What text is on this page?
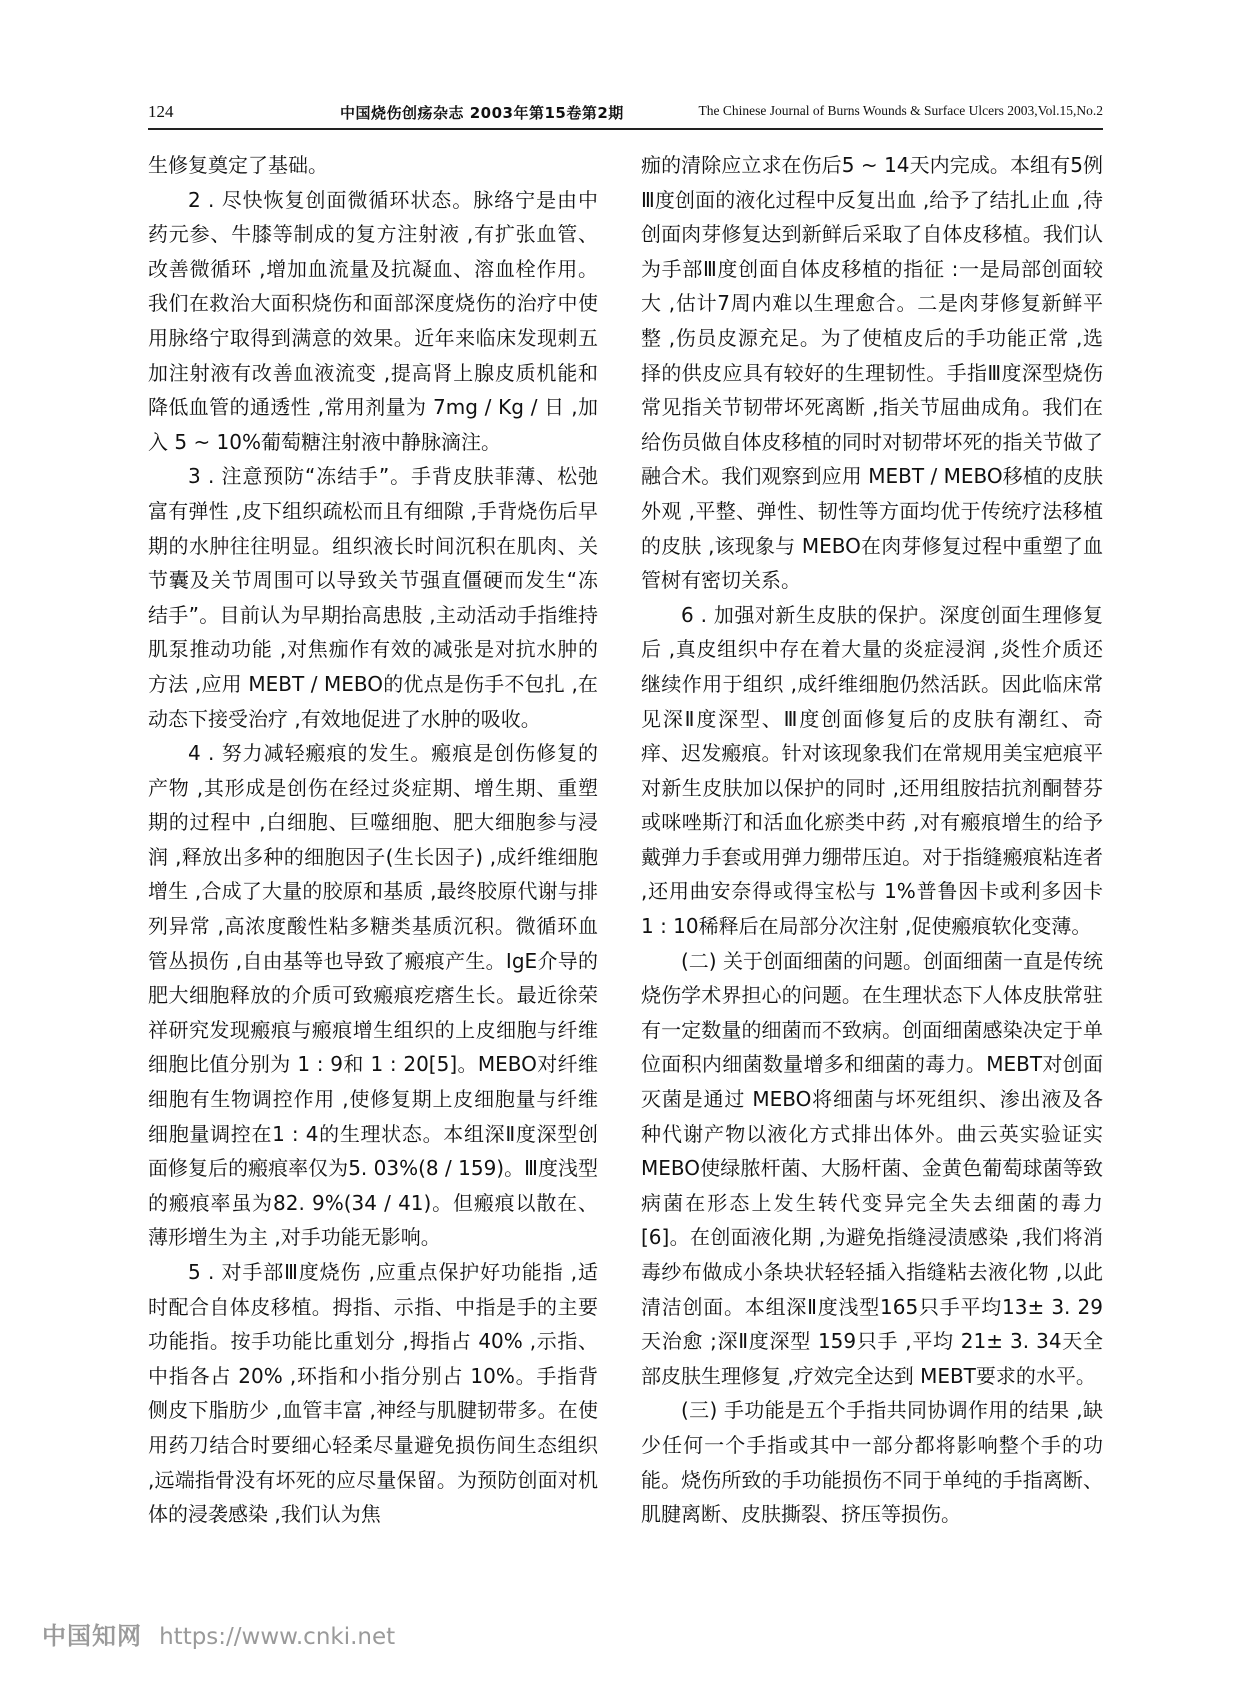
124	中国烧伤创疡杂志 2003年第15卷第2期	The Chinese Journal of Burns Wounds & Surface Ulcers 2003,Vol.15,No.2

生修复奠定了基础。

2 . 尽快恢复创面微循环状态。脉络宁是由中药元参、牛膝等制成的复方注射液 ,有扩张血管、改善微循环 ,增加血流量及抗凝血、溶血栓作用。我们在救治大面积烧伤和面部深度烧伤的治疗中使用脉络宁取得到满意的效果。近年来临床发现刺五加注射液有改善血液流变 ,提高肾上腺皮质机能和降低血管的通透性 ,常用剂量为 7mg / Kg / 日 ,加入 5 ~ 10%葡萄糖注射液中静脉滴注。

3 . 注意预防“冻结手”。手背皮肤菲薄、松弛富有弹性 ,皮下组织疏松而且有细隙 ,手背烧伤后早期的水肿往往明显。组织液长时间沉积在肌肉、关节囊及关节周围可以导致关节强直僵硬而发生“冻结手”。目前认为早期抬高患肢 ,主动活动手指维持肌泵推动功能 ,对焦痂作有效的减张是对抗水肿的方法 ,应用 MEBT / MEBO的优点是伤手不包扎 ,在动态下接受治疗 ,有效地促进了水肿的吸收。

4 . 努力减轻瘢痕的发生。瘢痕是创伤修复的产物 ,其形成是创伤在经过炎症期、增生期、重塑期的过程中 ,白细胞、巨噬细胞、肥大细胞参与浸润 ,释放出多种的细胞因子(生长因子) ,成纤维细胞增生 ,合成了大量的胶原和基质 ,最终胶原代谢与排列异常 ,高浓度酸性粘多糖类基质沉积。微循环血管丛损伤 ,自由基等也导致了瘢痕产生。IgE介导的肥大细胞释放的介质可致瘢痕疙瘩生长。最近徐荣祥研究发现瘢痕与瘢痕增生组织的上皮细胞与纤维细胞比值分别为 1 : 9和 1 : 20[5]。MEBO对纤维细胞有生物调控作用 ,使修复期上皮细胞量与纤维细胞量调控在1 : 4的生理状态。本组深Ⅱ度深型创面修复后的瘢痕率仅为5. 03%(8 / 159)。Ⅲ度浅型的瘢痕率虽为82. 9%(34 / 41)。但瘢痕以散在、薄形增生为主 ,对手功能无影响。

5 . 对手部Ⅲ度烧伤 ,应重点保护好功能指 ,适时配合自体皮移植。拇指、示指、中指是手的主要功能指。按手功能比重划分 ,拇指占 40% ,示指、中指各占 20% ,环指和小指分别占 10%。手指背侧皮下脂肪少 ,血管丰富 ,神经与肌腱韧带多。在使用药刀结合时要细心轻柔尽量避免损伤间生态组织 ,远端指骨没有坏死的应尽量保留。为预防创面对机体的浸袭感染 ,我们认为焦

痂的清除应立求在伤后5 ~ 14天内完成。本组有5例Ⅲ度创面的液化过程中反复出血 ,给予了结扎止血 ,待创面肉芽修复达到新鲜后采取了自体皮移植。我们认为手部Ⅲ度创面自体皮移植的指征 :一是局部创面较大 ,估计7周内难以生理愈合。二是肉芽修复新鲜平整 ,伤员皮源充足。为了使植皮后的手功能正常 ,选择的供皮应具有较好的生理韧性。手指Ⅲ度深型烧伤常见指关节韧带坏死离断 ,指关节屈曲成角。我们在给伤员做自体皮移植的同时对韧带坏死的指关节做了融合术。我们观察到应用 MEBT / MEBO移植的皮肤外观 ,平整、弹性、韧性等方面均优于传统疗法移植的皮肤 ,该现象与 MEBO在肉芽修复过程中重塑了血管树有密切关系。

6 . 加强对新生皮肤的保护。深度创面生理修复后 ,真皮组织中存在着大量的炎症浸润 ,炎性介质还继续作用于组织 ,成纤维细胞仍然活跃。因此临床常见深Ⅱ度深型、Ⅲ度创面修复后的皮肤有潮红、奇痒、迟发瘢痕。针对该现象我们在常规用美宝疤痕平对新生皮肤加以保护的同时 ,还用组胺拮抗剂酮替芬或咪唑斯汀和活血化瘀类中药 ,对有瘢痕增生的给予戴弹力手套或用弹力绷带压迫。对于指缝瘢痕粘连者 ,还用曲安奈得或得宝松与 1%普鲁因卡或利多因卡 1 : 10稀释后在局部分次注射 ,促使瘢痕软化变薄。

(二) 关于创面细菌的问题。创面细菌一直是传统烧伤学术界担心的问题。在生理状态下人体皮肤常驻有一定数量的细菌而不致病。创面细菌感染决定于单位面积内细菌数量增多和细菌的毒力。MEBT对创面灭菌是通过 MEBO将细菌与坏死组织、渗出液及各种代谢产物以液化方式排出体外。曲云英实验证实 MEBO使绿脓杆菌、大肠杆菌、金黄色葡萄球菌等致病菌在形态上发生转代变异完全失去细菌的毒力[6]。在创面液化期 ,为避免指缝浸渍感染 ,我们将消毒纱布做成小条块状轻轻插入指缝粘去液化物 ,以此清洁创面。本组深Ⅱ度浅型165只手平均13± 3. 29天治愈 ;深Ⅱ度深型 159只手 ,平均 21± 3. 34天全部皮肤生理修复 ,疗效完全达到 MEBT要求的水平。

(三) 手功能是五个手指共同协调作用的结果 ,缺少任何一个手指或其中一部分都将影响整个手的功能。烧伤所致的手功能损伤不同于单纯的手指离断、肌腱离断、皮肤撕裂、挤压等损伤。

中国知网 https://www.cnki.net
